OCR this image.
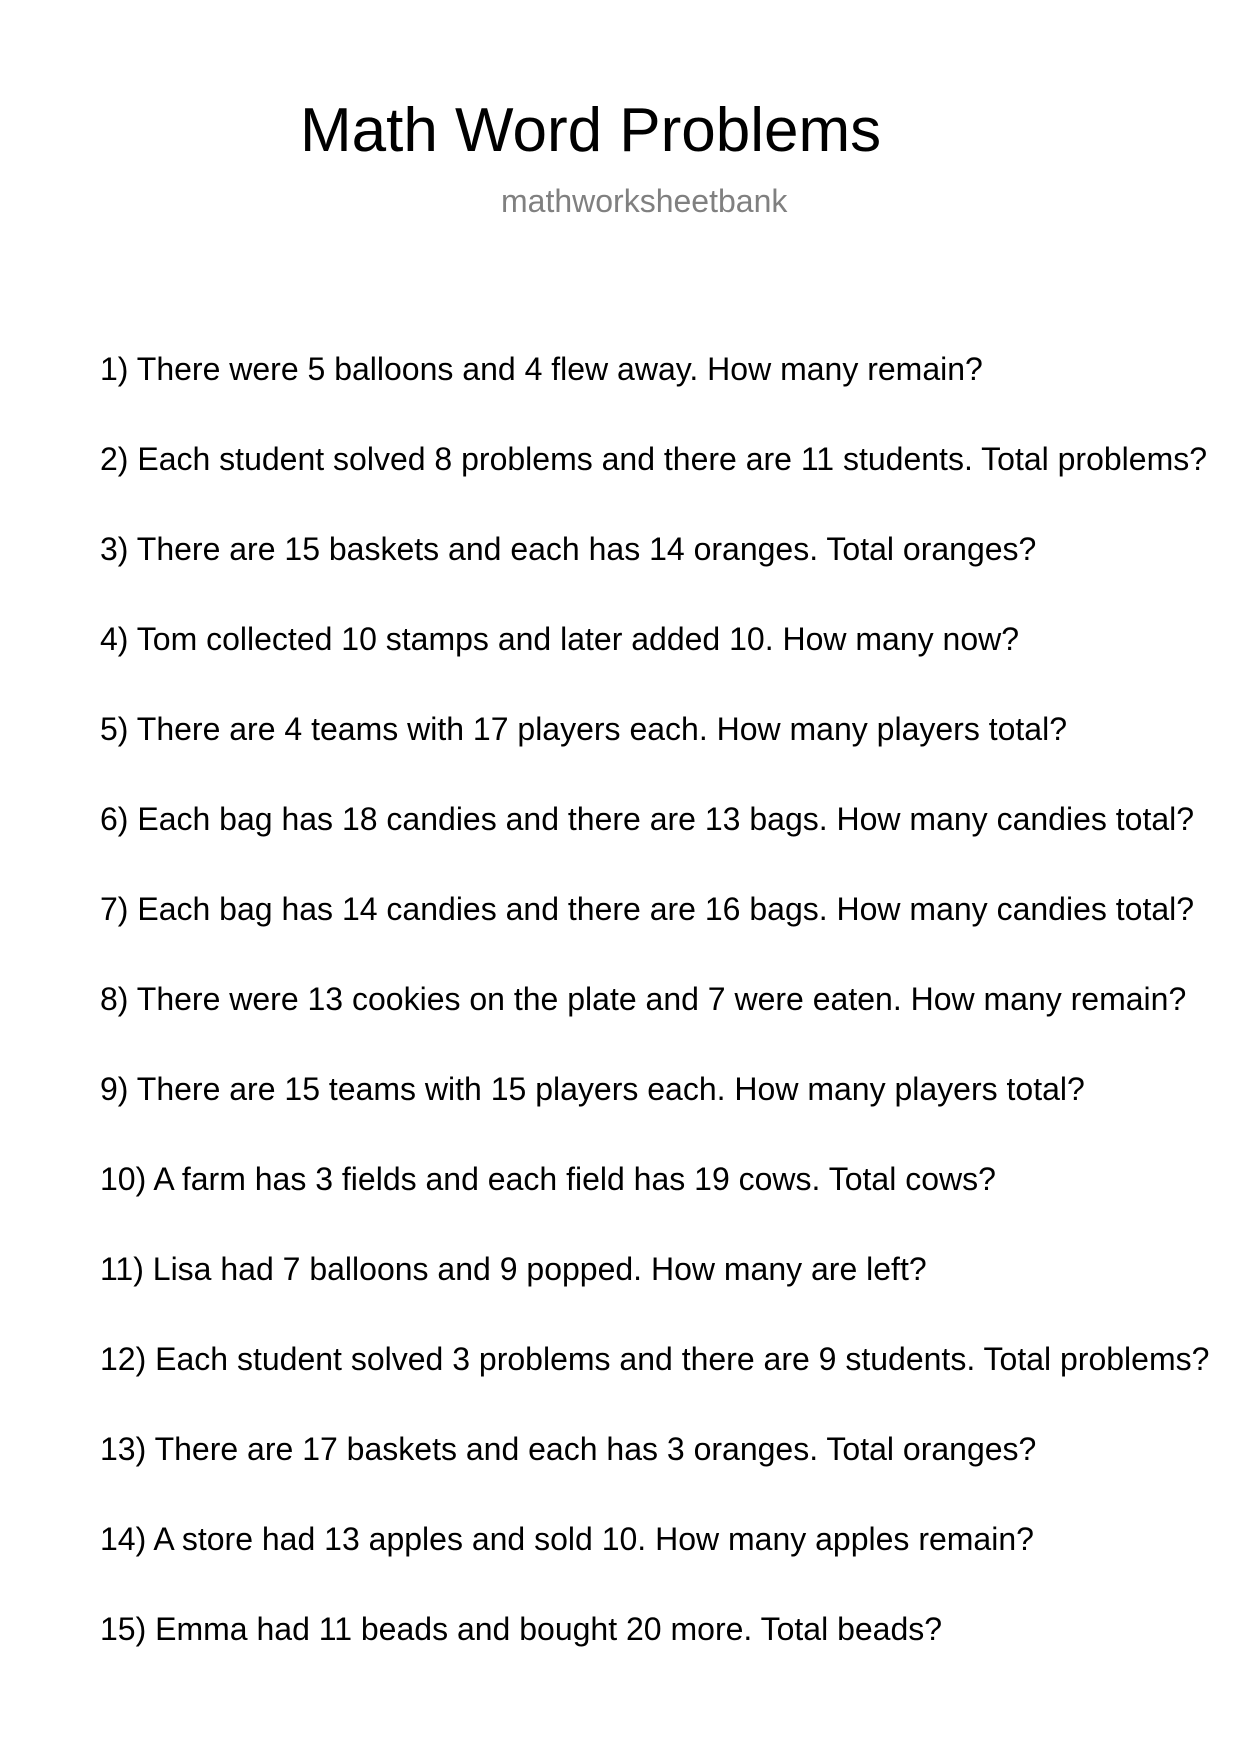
Math Word Problems
mathworksheetbank
1) There were 5 balloons and 4 flew away. How many remain?
2) Each student solved 8 problems and there are 11 students. Total problems?
3) There are 15 baskets and each has 14 oranges. Total oranges?
4) Tom collected 10 stamps and later added 10. How many now?
5) There are 4 teams with 17 players each. How many players total?
6) Each bag has 18 candies and there are 13 bags. How many candies total?
7) Each bag has 14 candies and there are 16 bags. How many candies total?
8) There were 13 cookies on the plate and 7 were eaten. How many remain?
9) There are 15 teams with 15 players each. How many players total?
10) A farm has 3 fields and each field has 19 cows. Total cows?
11) Lisa had 7 balloons and 9 popped. How many are left?
12) Each student solved 3 problems and there are 9 students. Total problems?
13) There are 17 baskets and each has 3 oranges. Total oranges?
14) A store had 13 apples and sold 10. How many apples remain?
15) Emma had 11 beads and bought 20 more. Total beads?
